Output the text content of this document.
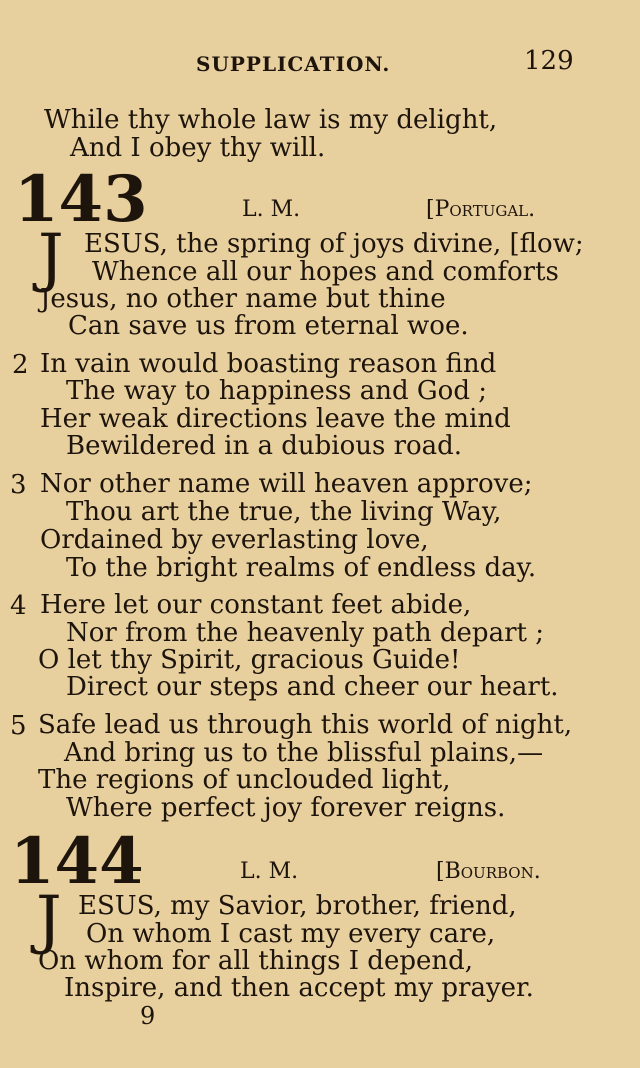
SUPPLICATION.	129
While thy whole law is my delight,
And I obey thy will.
143	L. M.	[Portugal.
J ESUS, the spring of joys divine, [flow;
Whence all our hopes and comforts
Jesus, no other name but thine
Can save us from eternal woe.
2 In vain would boasting reason find
The way to happiness and God ;
Her weak directions leave the mind
Bewildered in a dubious road.
3 Nor other name will heaven approve;
Thou art the true, the living Way,
Ordained by everlasting love,
To the bright realms of endless day.
4 Here let our constant feet abide,
Nor from the heavenly path depart ;
O let thy Spirit, gracious Guide!
Direct our steps and cheer our heart.
5 Safe lead us through this world of night,
And bring us to the blissful plains,—
The regions of unclouded light,
Where perfect joy forever reigns.
144	L. M.	[Bourbon.
J ESUS, my Savior, brother, friend,
On whom I cast my every care,
On whom for all things I depend,
Inspire, and then accept my prayer.
9
